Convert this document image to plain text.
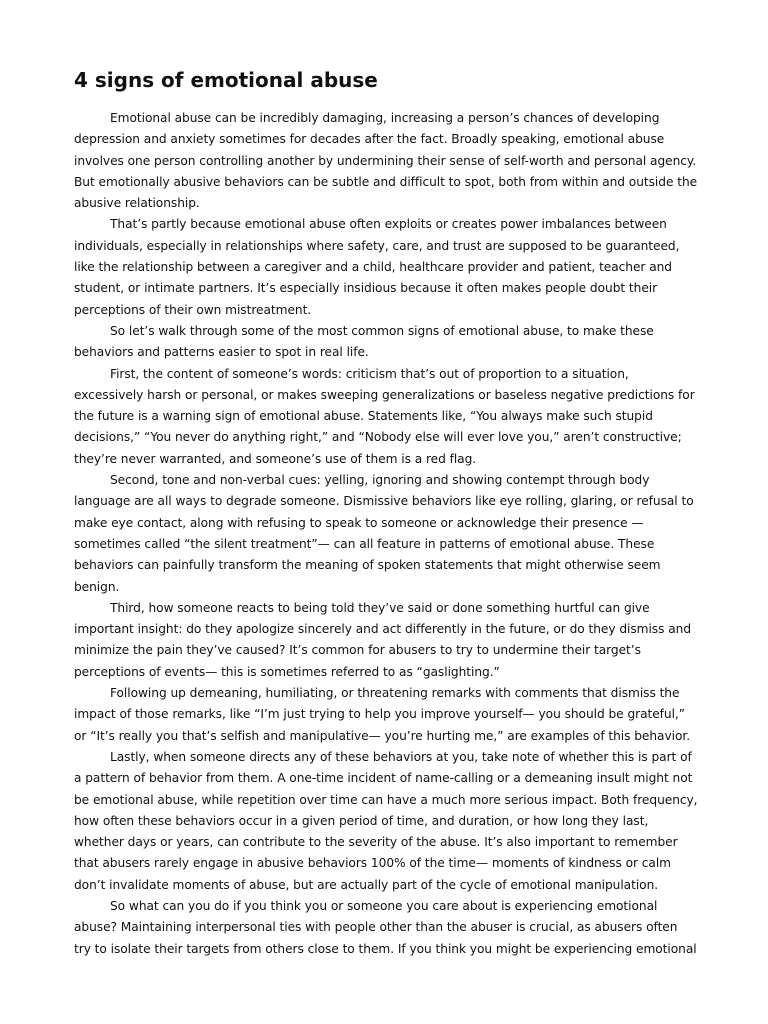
4 signs of emotional abuse

Emotional abuse can be incredibly damaging, increasing a person’s chances of developing depression and anxiety sometimes for decades after the fact. Broadly speaking, emotional abuse involves one person controlling another by undermining their sense of self-worth and personal agency. But emotionally abusive behaviors can be subtle and difficult to spot, both from within and outside the abusive relationship.

That’s partly because emotional abuse often exploits or creates power imbalances between individuals, especially in relationships where safety, care, and trust are supposed to be guaranteed, like the relationship between a caregiver and a child, healthcare provider and patient, teacher and student, or intimate partners. It’s especially insidious because it often makes people doubt their perceptions of their own mistreatment.

So let’s walk through some of the most common signs of emotional abuse, to make these behaviors and patterns easier to spot in real life.

First, the content of someone’s words: criticism that’s out of proportion to a situation, excessively harsh or personal, or makes sweeping generalizations or baseless negative predictions for the future is a warning sign of emotional abuse. Statements like, “You always make such stupid decisions,” “You never do anything right,” and “Nobody else will ever love you,” aren’t constructive; they’re never warranted, and someone’s use of them is a red flag.

Second, tone and non-verbal cues: yelling, ignoring and showing contempt through body language are all ways to degrade someone. Dismissive behaviors like eye rolling, glaring, or refusal to make eye contact, along with refusing to speak to someone or acknowledge their presence — sometimes called “the silent treatment”— can all feature in patterns of emotional abuse. These behaviors can painfully transform the meaning of spoken statements that might otherwise seem benign.

Third, how someone reacts to being told they’ve said or done something hurtful can give important insight: do they apologize sincerely and act differently in the future, or do they dismiss and minimize the pain they’ve caused? It’s common for abusers to try to undermine their target’s perceptions of events— this is sometimes referred to as “gaslighting.”

Following up demeaning, humiliating, or threatening remarks with comments that dismiss the impact of those remarks, like “I’m just trying to help you improve yourself— you should be grateful,” or “It’s really you that’s selfish and manipulative— you’re hurting me,” are examples of this behavior.

Lastly, when someone directs any of these behaviors at you, take note of whether this is part of a pattern of behavior from them. A one-time incident of name-calling or a demeaning insult might not be emotional abuse, while repetition over time can have a much more serious impact. Both frequency, how often these behaviors occur in a given period of time, and duration, or how long they last, whether days or years, can contribute to the severity of the abuse. It’s also important to remember that abusers rarely engage in abusive behaviors 100% of the time— moments of kindness or calm don’t invalidate moments of abuse, but are actually part of the cycle of emotional manipulation.

So what can you do if you think you or someone you care about is experiencing emotional abuse? Maintaining interpersonal ties with people other than the abuser is crucial, as abusers often try to isolate their targets from others close to them. If you think you might be experiencing emotional
